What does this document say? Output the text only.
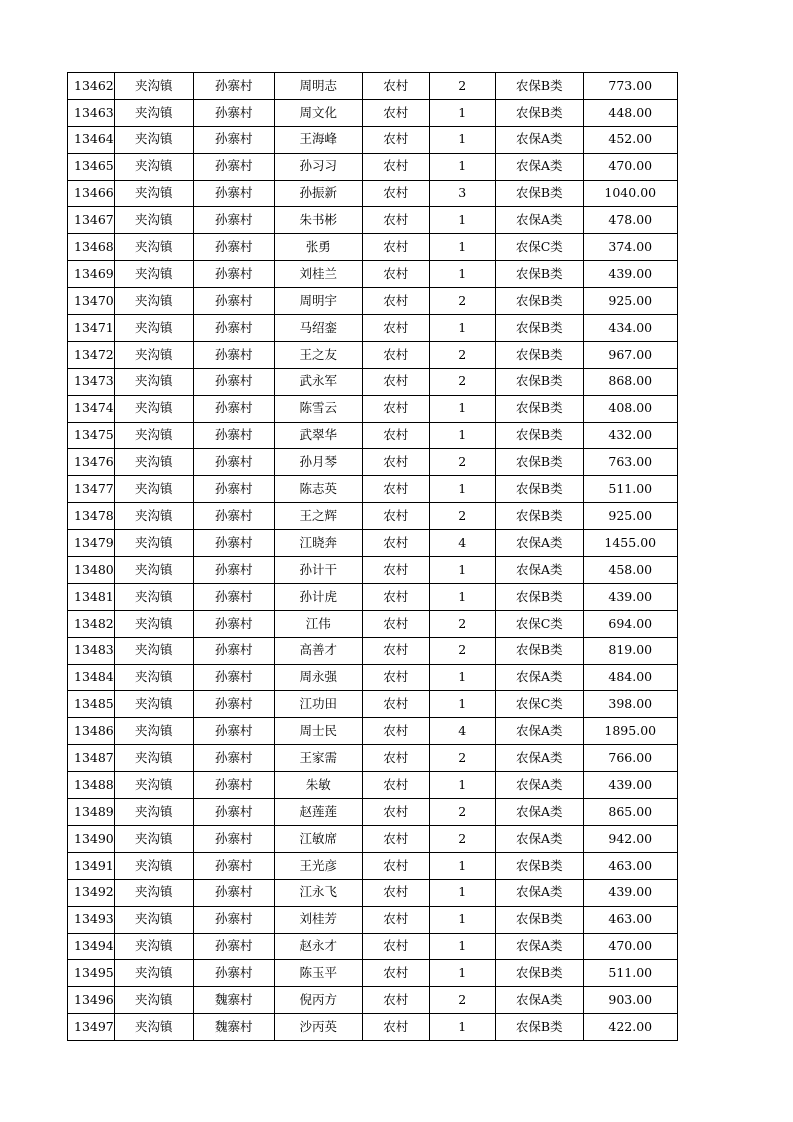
13462	夹沟镇	孙寨村	周明志	农村	2	农保B类	773.00
13463	夹沟镇	孙寨村	周文化	农村	1	农保B类	448.00
13464	夹沟镇	孙寨村	王海峰	农村	1	农保A类	452.00
13465	夹沟镇	孙寨村	孙习习	农村	1	农保A类	470.00
13466	夹沟镇	孙寨村	孙振新	农村	3	农保B类	1040.00
13467	夹沟镇	孙寨村	朱书彬	农村	1	农保A类	478.00
13468	夹沟镇	孙寨村	张勇	农村	1	农保C类	374.00
13469	夹沟镇	孙寨村	刘桂兰	农村	1	农保B类	439.00
13470	夹沟镇	孙寨村	周明宇	农村	2	农保B类	925.00
13471	夹沟镇	孙寨村	马绍銮	农村	1	农保B类	434.00
13472	夹沟镇	孙寨村	王之友	农村	2	农保B类	967.00
13473	夹沟镇	孙寨村	武永军	农村	2	农保B类	868.00
13474	夹沟镇	孙寨村	陈雪云	农村	1	农保B类	408.00
13475	夹沟镇	孙寨村	武翠华	农村	1	农保B类	432.00
13476	夹沟镇	孙寨村	孙月琴	农村	2	农保B类	763.00
13477	夹沟镇	孙寨村	陈志英	农村	1	农保B类	511.00
13478	夹沟镇	孙寨村	王之辉	农村	2	农保B类	925.00
13479	夹沟镇	孙寨村	江晓奔	农村	4	农保A类	1455.00
13480	夹沟镇	孙寨村	孙计干	农村	1	农保A类	458.00
13481	夹沟镇	孙寨村	孙计虎	农村	1	农保B类	439.00
13482	夹沟镇	孙寨村	江伟	农村	2	农保C类	694.00
13483	夹沟镇	孙寨村	高善才	农村	2	农保B类	819.00
13484	夹沟镇	孙寨村	周永强	农村	1	农保A类	484.00
13485	夹沟镇	孙寨村	江功田	农村	1	农保C类	398.00
13486	夹沟镇	孙寨村	周士民	农村	4	农保A类	1895.00
13487	夹沟镇	孙寨村	王家需	农村	2	农保A类	766.00
13488	夹沟镇	孙寨村	朱敏	农村	1	农保A类	439.00
13489	夹沟镇	孙寨村	赵莲莲	农村	2	农保A类	865.00
13490	夹沟镇	孙寨村	江敏席	农村	2	农保A类	942.00
13491	夹沟镇	孙寨村	王光彦	农村	1	农保B类	463.00
13492	夹沟镇	孙寨村	江永飞	农村	1	农保A类	439.00
13493	夹沟镇	孙寨村	刘桂芳	农村	1	农保B类	463.00
13494	夹沟镇	孙寨村	赵永才	农村	1	农保A类	470.00
13495	夹沟镇	孙寨村	陈玉平	农村	1	农保B类	511.00
13496	夹沟镇	魏寨村	倪丙方	农村	2	农保A类	903.00
13497	夹沟镇	魏寨村	沙丙英	农村	1	农保B类	422.00
